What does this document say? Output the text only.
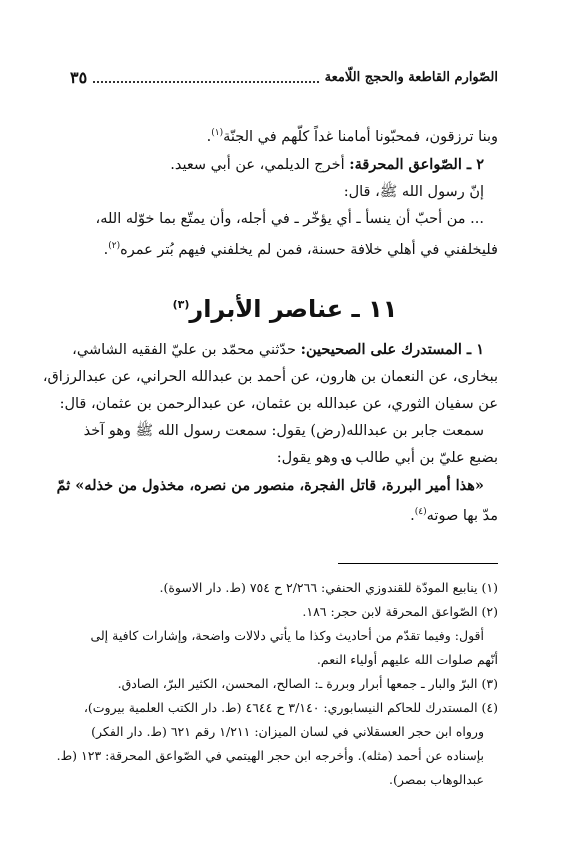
الصّوارم القاطعة والحجج اللّامعة
٣٥
وبنا ترزقون، فمحبّونا أمامنا غداً كلّهم في الجنّة$^{(١)}$.
٢ ـ الصّواعق المحرقة: أخرج الديلمي، عن أبي سعيد.
إنّ رسول الله ﷺ، قال:
... من أحبّ أن ينسأ ـ أي يؤخّر ـ في أجله، وأن يمتّع بما خوّله الله،
فليخلفني في أهلي خلافة حسنة، فمن لم يخلفني فيهم بُتر عمره$^{(٢)}$.
١١ ـ عناصر الأبرار$^{(٣)}$
١ ـ المستدرك على الصحيحين: حدّثني محمّد بن عليّ الفقيه الشاشي،
ببخارى، عن النعمان بن هارون، عن أحمد بن عبدالله الحراني، عن عبدالرزاق،
عن سفيان الثوري، عن عبدالله بن عثمان، عن عبدالرحمن بن عثمان، قال:
سمعت جابر بن عبدالله(رض) يقول: سمعت رسول الله ﷺ وهو آخذ
بضبع عليّ بن أبي طالب ؈ وهو يقول:
«هذا أمير البررة، قاتل الفجرة، منصور من نصره، مخذول من خذله» ثمّ
مدّ بها صوته$^{(٤)}$.
(١) ينابيع المودّة للقندوزي الحنفي: ٢/٢٦٦ ح ٧٥٤ (ط. دار الاسوة).
(٢) الصّواعق المحرقة لابن حجر: ١٨٦.
أقول: وفيما تقدّم من أحاديث وكذا ما يأتي دلالات واضحة، وإشارات كافية إلى
أنّهم صلوات الله عليهم أولياء النعم.
(٣) البرّ والبار ـ جمعها أبرار وبررة ـ: الصالح، المحسن، الكثير البرّ، الصادق.
(٤) المستدرك للحاكم النيسابوري: ٣/١٤٠ ح ٤٦٤٤ (ط. دار الكتب العلمية بيروت)،
ورواه ابن حجر العسقلاني في لسان الميزان: ١/٢١١ رقم ٦٢١ (ط. دار الفكر)
بإسناده عن أحمد (مثله). وأخرجه ابن حجر الهيتمي في الصّواعق المحرقة: ١٢٣ (ط.
عبدالوهاب بمصر).
